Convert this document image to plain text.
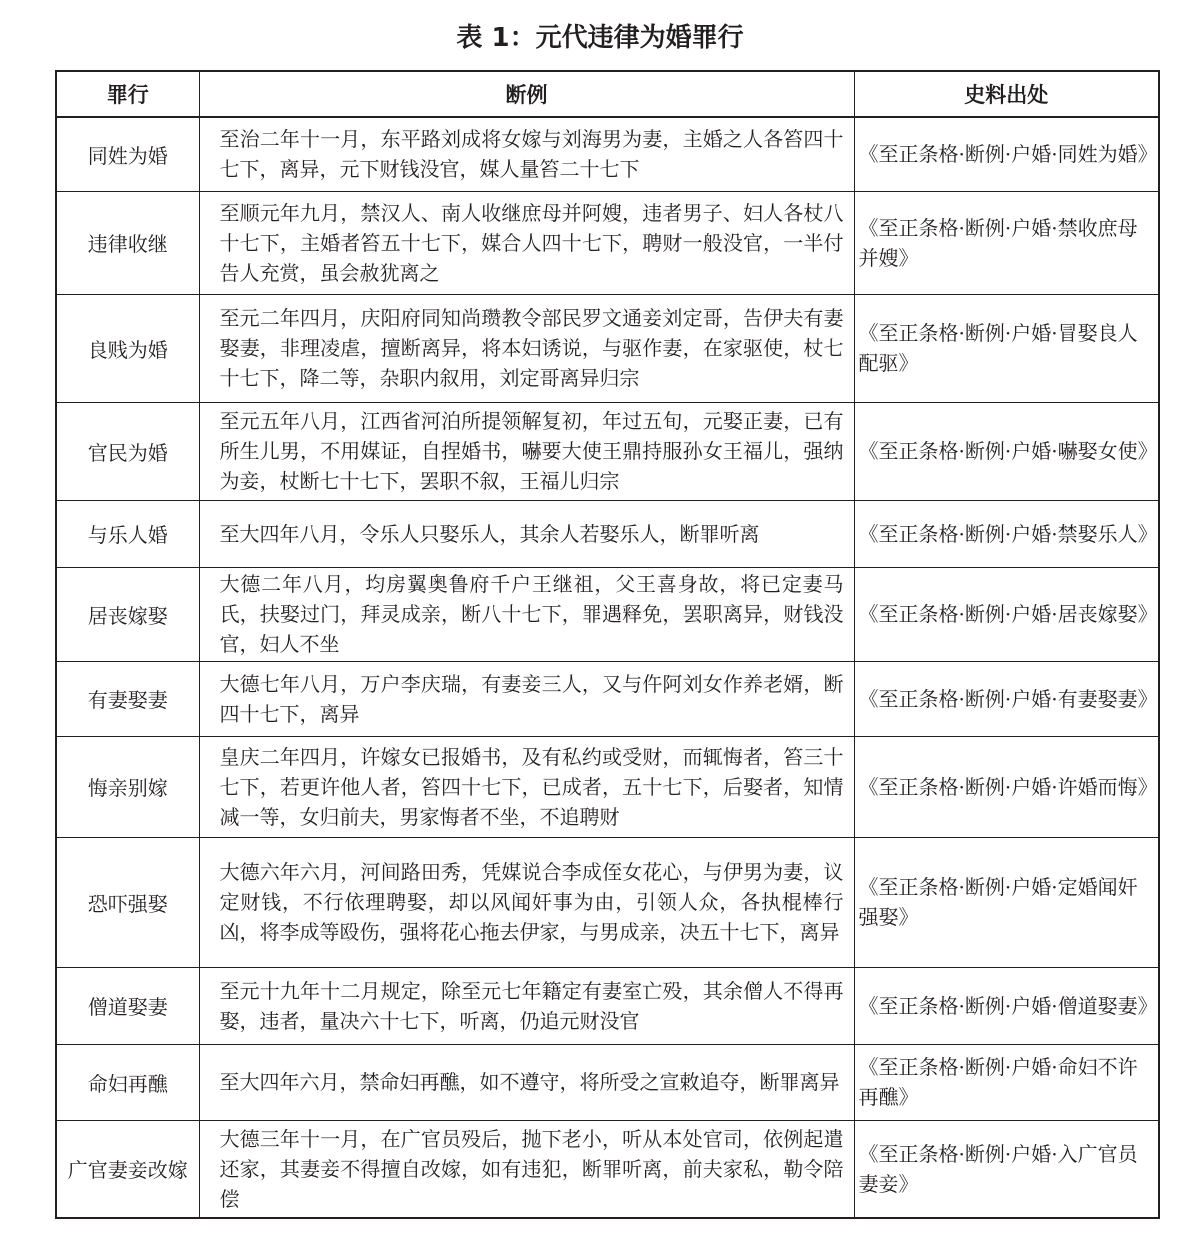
表 1：元代违律为婚罪行
罪行	断例	史料出处
同姓为婚	至治二年十一月，东平路刘成将女嫁与刘海男为妻，主婚之人各笞四十七下，离异，元下财钱没官，媒人量笞二十七下	《至正条格·断例·户婚·同姓为婚》
违律收继	至顺元年九月，禁汉人、南人收继庶母并阿嫂，违者男子、妇人各杖八十七下，主婚者笞五十七下，媒合人四十七下，聘财一般没官，一半付告人充赏，虽会赦犹离之	《至正条格·断例·户婚·禁收庶母并嫂》
良贱为婚	至元二年四月，庆阳府同知尚瓒教令部民罗文通妾刘定哥，告伊夫有妻娶妻，非理凌虐，擅断离异，将本妇诱说，与驱作妻，在家驱使，杖七十七下，降二等，杂职内叙用，刘定哥离异归宗	《至正条格·断例·户婚·冒娶良人配驱》
官民为婚	至元五年八月，江西省河泊所提领解复初，年过五旬，元娶正妻，已有所生儿男，不用媒证，自捏婚书，嚇要大使王鼎持服孙女王福儿，强纳为妾，杖断七十七下，罢职不叙，王福儿归宗	《至正条格·断例·户婚·嚇娶女使》
与乐人婚	至大四年八月，令乐人只娶乐人，其余人若娶乐人，断罪听离	《至正条格·断例·户婚·禁娶乐人》
居丧嫁娶	大德二年八月，均房翼奥鲁府千户王继祖，父王喜身故，将已定妻马氏，扶娶过门，拜灵成亲，断八十七下，罪遇释免，罢职离异，财钱没官，妇人不坐	《至正条格·断例·户婚·居丧嫁娶》
有妻娶妻	大德七年八月，万户李庆瑞，有妻妾三人，又与仵阿刘女作养老婿，断四十七下，离异	《至正条格·断例·户婚·有妻娶妻》
悔亲别嫁	皇庆二年四月，许嫁女已报婚书，及有私约或受财，而辄悔者，笞三十七下，若更许他人者，笞四十七下，已成者，五十七下，后娶者，知情减一等，女归前夫，男家悔者不坐，不追聘财	《至正条格·断例·户婚·许婚而悔》
恐吓强娶	大德六年六月，河间路田秀，凭媒说合李成侄女花心，与伊男为妻，议定财钱，不行依理聘娶，却以风闻奸事为由，引领人众，各执棍棒行凶，将李成等殴伤，强将花心拖去伊家，与男成亲，决五十七下，离异	《至正条格·断例·户婚·定婚闻奸强娶》
僧道娶妻	至元十九年十二月规定，除至元七年籍定有妻室亡殁，其余僧人不得再娶，违者，量决六十七下，听离，仍追元财没官	《至正条格·断例·户婚·僧道娶妻》
命妇再醮	至大四年六月，禁命妇再醮，如不遵守，将所受之宣敕追夺，断罪离异	《至正条格·断例·户婚·命妇不许再醮》
广官妻妾改嫁	大德三年十一月，在广官员殁后，抛下老小，听从本处官司，依例起遣还家，其妻妾不得擅自改嫁，如有违犯，断罪听离，前夫家私，勒令陪偿	《至正条格·断例·户婚·入广官员妻妾》
